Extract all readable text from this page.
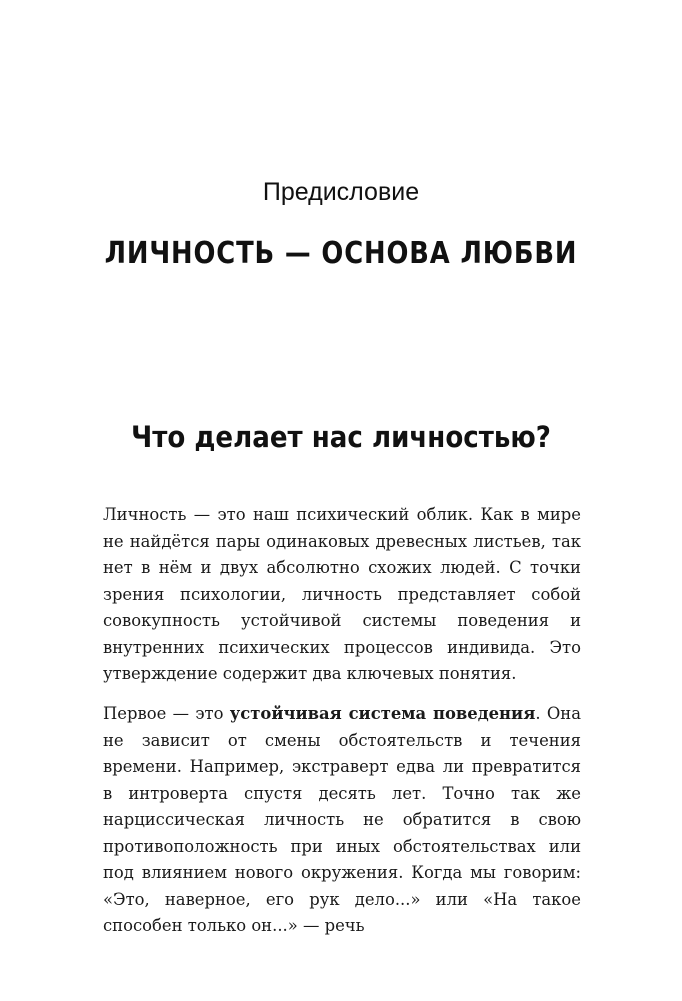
Предисловие
ЛИЧНОСТЬ — ОСНОВА ЛЮБВИ
Что делает нас личностью?

Личность — это наш психический облик. Как в мире не найдётся пары одинаковых древесных листьев, так нет в нём и двух абсолютно схожих людей. С точки зрения психологии, личность представляет собой совокупность устойчивой системы поведения и внутренних психических процессов индивида. Это утверждение содержит два ключевых понятия.

Первое — это устойчивая система поведения. Она не зависит от смены обстоятельств и течения времени. Например, экстраверт едва ли превратится в интроверта спустя десять лет. Точно так же нарциссическая личность не обратится в свою противоположность при иных обстоятельствах или под влиянием нового окружения. Когда мы говорим: «Это, наверное, его рук дело...» или «На такое способен только он...» — речь
